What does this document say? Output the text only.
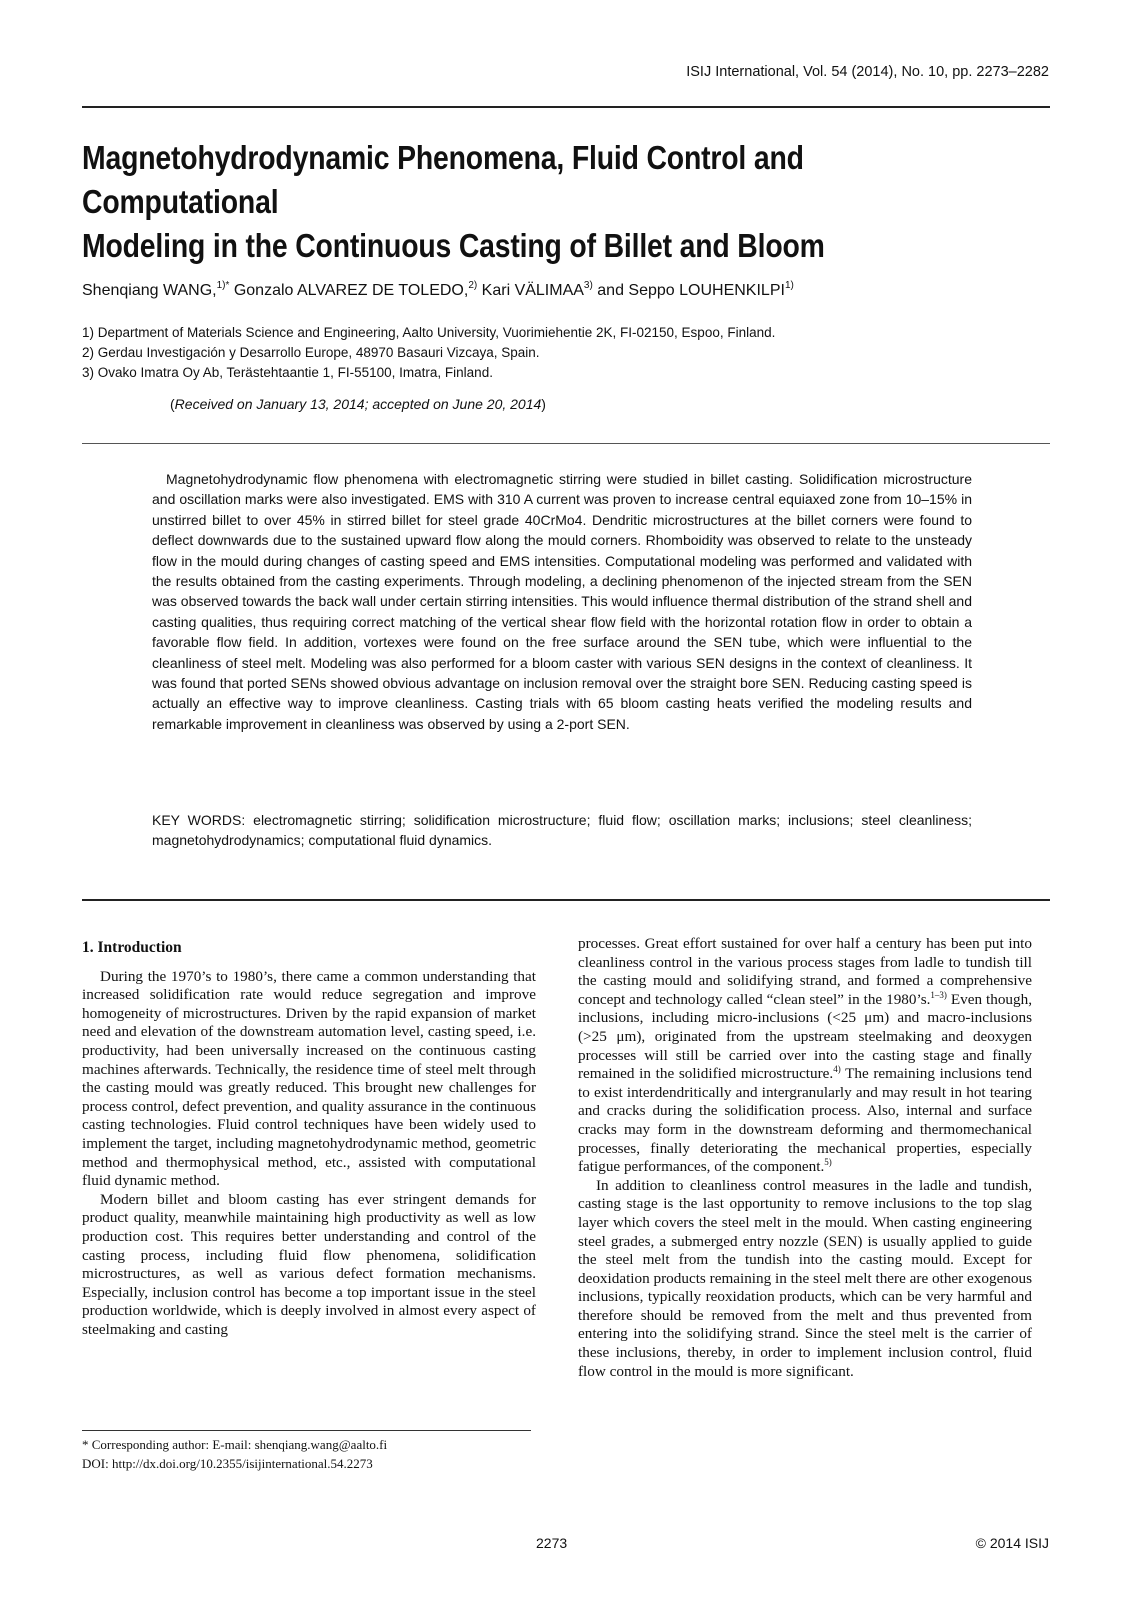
ISIJ International, Vol. 54 (2014), No. 10, pp. 2273–2282
Magnetohydrodynamic Phenomena, Fluid Control and Computational
Modeling in the Continuous Casting of Billet and Bloom
Shenqiang WANG,$^{1)*}$ Gonzalo ALVAREZ DE TOLEDO,$^{2)}$ Kari VÄLIMAA$^{3)}$ and Seppo LOUHENKILPI$^{1)}$
1) Department of Materials Science and Engineering, Aalto University, Vuorimiehentie 2K, FI-02150, Espoo, Finland.
2) Gerdau Investigación y Desarrollo Europe, 48970 Basauri Vizcaya, Spain.
3) Ovako Imatra Oy Ab, Terästehtaantie 1, FI-55100, Imatra, Finland.
(Received on January 13, 2014; accepted on June 20, 2014)

Magnetohydrodynamic flow phenomena with electromagnetic stirring were studied in billet casting. Solidification microstructure and oscillation marks were also investigated. EMS with 310 A current was proven to increase central equiaxed zone from 10–15% in unstirred billet to over 45% in stirred billet for steel grade 40CrMo4. Dendritic microstructures at the billet corners were found to deflect downwards due to the sustained upward flow along the mould corners. Rhomboidity was observed to relate to the unsteady flow in the mould during changes of casting speed and EMS intensities. Computational modeling was performed and validated with the results obtained from the casting experiments. Through modeling, a declining phenomenon of the injected stream from the SEN was observed towards the back wall under certain stirring intensities. This would influence thermal distribution of the strand shell and casting qualities, thus requiring correct matching of the vertical shear flow field with the horizontal rotation flow in order to obtain a favorable flow field. In addition, vortexes were found on the free surface around the SEN tube, which were influential to the cleanliness of steel melt. Modeling was also performed for a bloom caster with various SEN designs in the context of cleanliness. It was found that ported SENs showed obvious advantage on inclusion removal over the straight bore SEN. Reducing casting speed is actually an effective way to improve cleanliness. Casting trials with 65 bloom casting heats verified the modeling results and remarkable improvement in cleanliness was observed by using a 2-port SEN.

KEY WORDS: electromagnetic stirring; solidification microstructure; fluid flow; oscillation marks; inclusions; steel cleanliness; magnetohydrodynamics; computational fluid dynamics.

1. Introduction

During the 1970’s to 1980’s, there came a common understanding that increased solidification rate would reduce segregation and improve homogeneity of microstructures. Driven by the rapid expansion of market need and elevation of the downstream automation level, casting speed, i.e. productivity, had been universally increased on the continuous casting machines afterwards. Technically, the residence time of steel melt through the casting mould was greatly reduced. This brought new challenges for process control, defect prevention, and quality assurance in the continuous casting technologies. Fluid control techniques have been widely used to implement the target, including magnetohydrodynamic method, geometric method and thermophysical method, etc., assisted with computational fluid dynamic method.

Modern billet and bloom casting has ever stringent demands for product quality, meanwhile maintaining high productivity as well as low production cost. This requires better understanding and control of the casting process, including fluid flow phenomena, solidification microstructures, as well as various defect formation mechanisms. Especially, inclusion control has become a top important issue in the steel production worldwide, which is deeply involved in almost every aspect of steelmaking and casting

processes. Great effort sustained for over half a century has been put into cleanliness control in the various process stages from ladle to tundish till the casting mould and solidifying strand, and formed a comprehensive concept and technology called “clean steel” in the 1980’s.$^{1-3)}$ Even though, inclusions, including micro-inclusions (<25 μm) and macro-inclusions (>25 μm), originated from the upstream steelmaking and deoxygen processes will still be carried over into the casting stage and finally remained in the solidified microstructure.$^{4)}$ The remaining inclusions tend to exist interdendritically and intergranularly and may result in hot tearing and cracks during the solidification process. Also, internal and surface cracks may form in the downstream deforming and thermomechanical processes, finally deteriorating the mechanical properties, especially fatigue performances, of the component.$^{5)}$

In addition to cleanliness control measures in the ladle and tundish, casting stage is the last opportunity to remove inclusions to the top slag layer which covers the steel melt in the mould. When casting engineering steel grades, a submerged entry nozzle (SEN) is usually applied to guide the steel melt from the tundish into the casting mould. Except for deoxidation products remaining in the steel melt there are other exogenous inclusions, typically reoxidation products, which can be very harmful and therefore should be removed from the melt and thus prevented from entering into the solidifying strand. Since the steel melt is the carrier of these inclusions, thereby, in order to implement inclusion control, fluid flow control in the mould is more significant.

* Corresponding author: E-mail: shenqiang.wang@aalto.fi
DOI: http://dx.doi.org/10.2355/isijinternational.54.2273
2273	© 2014 ISIJ
